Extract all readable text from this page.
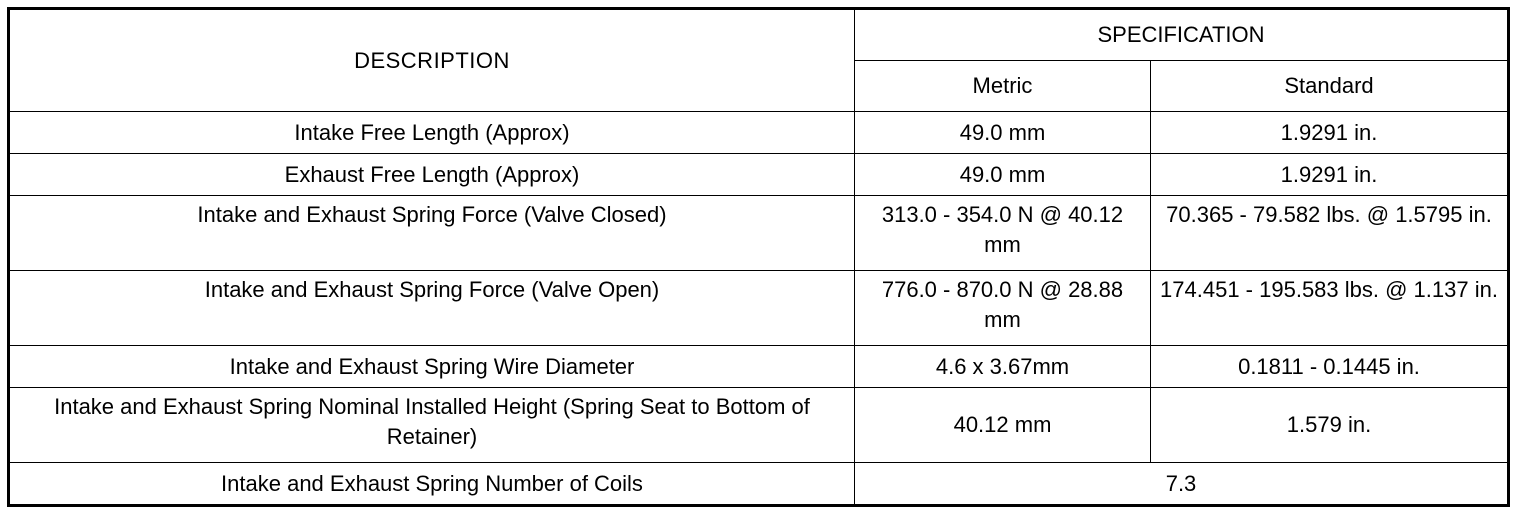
DESCRIPTION	SPECIFICATION	
	Metric	Standard
Intake Free Length (Approx)	49.0 mm	1.9291 in.
Exhaust Free Length (Approx)	49.0 mm	1.9291 in.
Intake and Exhaust Spring Force (Valve Closed)	313.0 - 354.0 N @ 40.12 mm	70.365 - 79.582 lbs. @ 1.5795 in.
Intake and Exhaust Spring Force (Valve Open)	776.0 - 870.0 N @ 28.88 mm	174.451 - 195.583 lbs. @ 1.137 in.
Intake and Exhaust Spring Wire Diameter	4.6 x 3.67mm	0.1811 - 0.1445 in.
Intake and Exhaust Spring Nominal Installed Height (Spring Seat to Bottom of Retainer)	40.12 mm	1.579 in.
Intake and Exhaust Spring Number of Coils	7.3	
